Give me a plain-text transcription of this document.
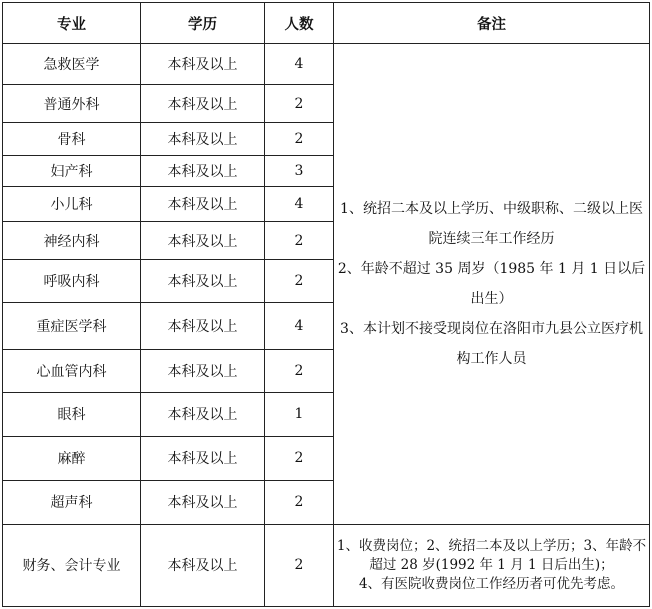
专业	学历	人数	备注
急救医学	本科及以上	4	1、统招二本及以上学历、中级职称、二级以上医院连续三年工作经历

2、年龄不超过 35 周岁（1985 年 1 月 1 日以后出生）

3、本计划不接受现岗位在洛阳市九县公立医疗机构工作人员

普通外科	本科及以上	2	
骨科	本科及以上	2	
妇产科	本科及以上	3	
小儿科	本科及以上	4	
神经内科	本科及以上	2	
呼吸内科	本科及以上	2	
重症医学科	本科及以上	4	
心血管内科	本科及以上	2	
眼科	本科及以上	1	
麻醉	本科及以上	2	
超声科	本科及以上	2	
财务、会计专业	本科及以上	2	1、收费岗位；2、统招二本及以上学历；3、年龄不超过 28 岁(1992 年 1 月 1 日后出生)；

4、有医院收费岗位工作经历者可优先考虑。
